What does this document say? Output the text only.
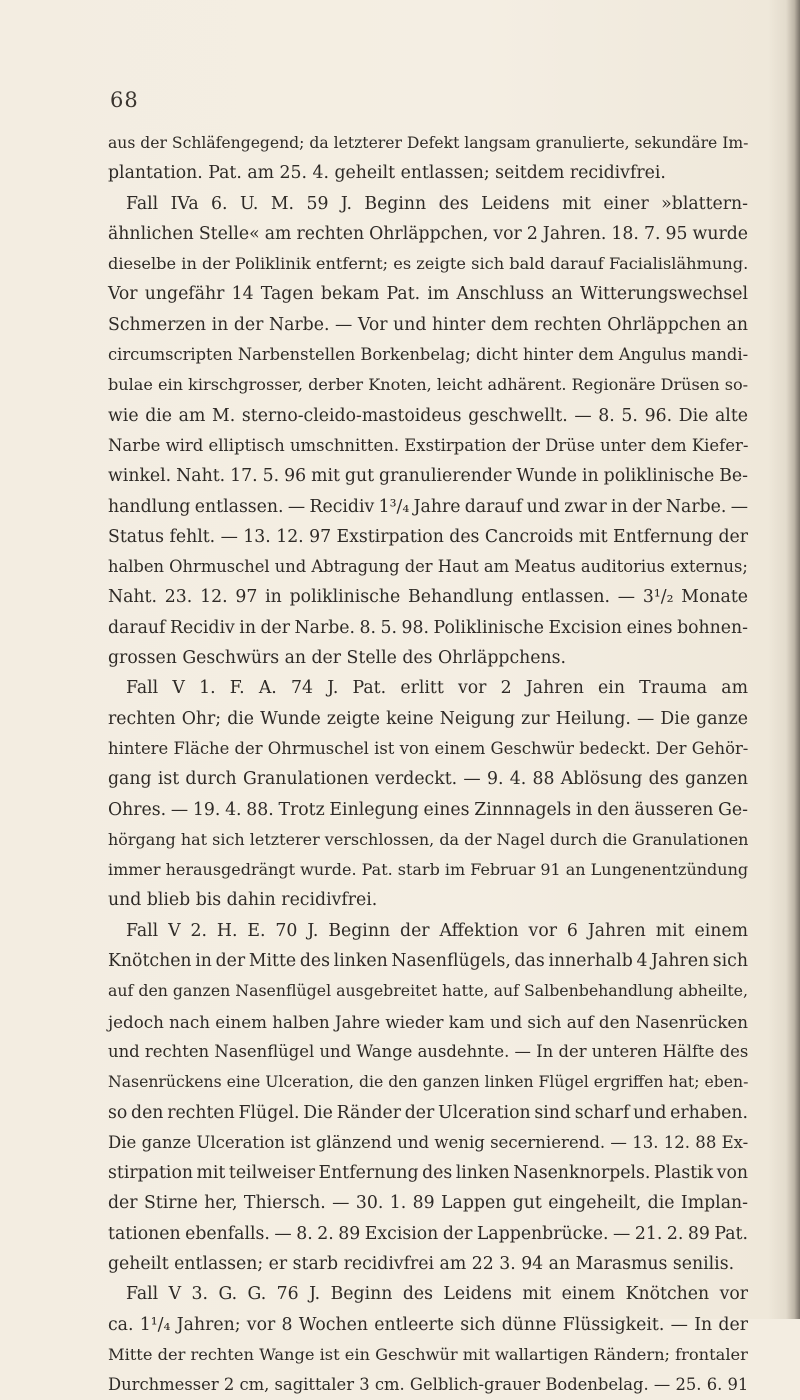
68
aus der Schläfengegend; da letzterer Defekt langsam granulierte, sekundäre Im-
plantation. Pat. am 25. 4. geheilt entlassen; seitdem recidivfrei.
Fall IVa 6. U. M. 59 J. Beginn des Leidens mit einer »blattern-
ähnlichen Stelle« am rechten Ohrläppchen, vor 2 Jahren. 18. 7. 95 wurde
dieselbe in der Poliklinik entfernt; es zeigte sich bald darauf Facialislähmung.
Vor ungefähr 14 Tagen bekam Pat. im Anschluss an Witterungswechsel
Schmerzen in der Narbe. — Vor und hinter dem rechten Ohrläppchen an
circumscripten Narbenstellen Borkenbelag; dicht hinter dem Angulus mandi-
bulae ein kirschgrosser, derber Knoten, leicht adhärent. Regionäre Drüsen so-
wie die am M. sterno-cleido-mastoideus geschwellt. — 8. 5. 96. Die alte
Narbe wird elliptisch umschnitten. Exstirpation der Drüse unter dem Kiefer-
winkel. Naht. 17. 5. 96 mit gut granulierender Wunde in poliklinische Be-
handlung entlassen. — Recidiv 1³/₄ Jahre darauf und zwar in der Narbe. —
Status fehlt. — 13. 12. 97 Exstirpation des Cancroids mit Entfernung der
halben Ohrmuschel und Abtragung der Haut am Meatus auditorius externus;
Naht. 23. 12. 97 in poliklinische Behandlung entlassen. — 3¹/₂ Monate
darauf Recidiv in der Narbe. 8. 5. 98. Poliklinische Excision eines bohnen-
grossen Geschwürs an der Stelle des Ohrläppchens.
Fall V 1. F. A. 74 J. Pat. erlitt vor 2 Jahren ein Trauma am
rechten Ohr; die Wunde zeigte keine Neigung zur Heilung. — Die ganze
hintere Fläche der Ohrmuschel ist von einem Geschwür bedeckt. Der Gehör-
gang ist durch Granulationen verdeckt. — 9. 4. 88 Ablösung des ganzen
Ohres. — 19. 4. 88. Trotz Einlegung eines Zinnnagels in den äusseren Ge-
hörgang hat sich letzterer verschlossen, da der Nagel durch die Granulationen
immer herausgedrängt wurde. Pat. starb im Februar 91 an Lungenentzündung
und blieb bis dahin recidivfrei.
Fall V 2. H. E. 70 J. Beginn der Affektion vor 6 Jahren mit einem
Knötchen in der Mitte des linken Nasenflügels, das innerhalb 4 Jahren sich
auf den ganzen Nasenflügel ausgebreitet hatte, auf Salbenbehandlung abheilte,
jedoch nach einem halben Jahre wieder kam und sich auf den Nasenrücken
und rechten Nasenflügel und Wange ausdehnte. — In der unteren Hälfte des
Nasenrückens eine Ulceration, die den ganzen linken Flügel ergriffen hat; eben-
so den rechten Flügel. Die Ränder der Ulceration sind scharf und erhaben.
Die ganze Ulceration ist glänzend und wenig secernierend. — 13. 12. 88 Ex-
stirpation mit teilweiser Entfernung des linken Nasenknorpels. Plastik von
der Stirne her, Thiersch. — 30. 1. 89 Lappen gut eingeheilt, die Implan-
tationen ebenfalls. — 8. 2. 89 Excision der Lappenbrücke. — 21. 2. 89 Pat.
geheilt entlassen; er starb recidivfrei am 22 3. 94 an Marasmus senilis.
Fall V 3. G. G. 76 J. Beginn des Leidens mit einem Knötchen vor
ca. 1¹/₄ Jahren; vor 8 Wochen entleerte sich dünne Flüssigkeit. — In der
Mitte der rechten Wange ist ein Geschwür mit wallartigen Rändern; frontaler
Durchmesser 2 cm, sagittaler 3 cm. Gelblich-grauer Bodenbelag. — 25. 6. 91
